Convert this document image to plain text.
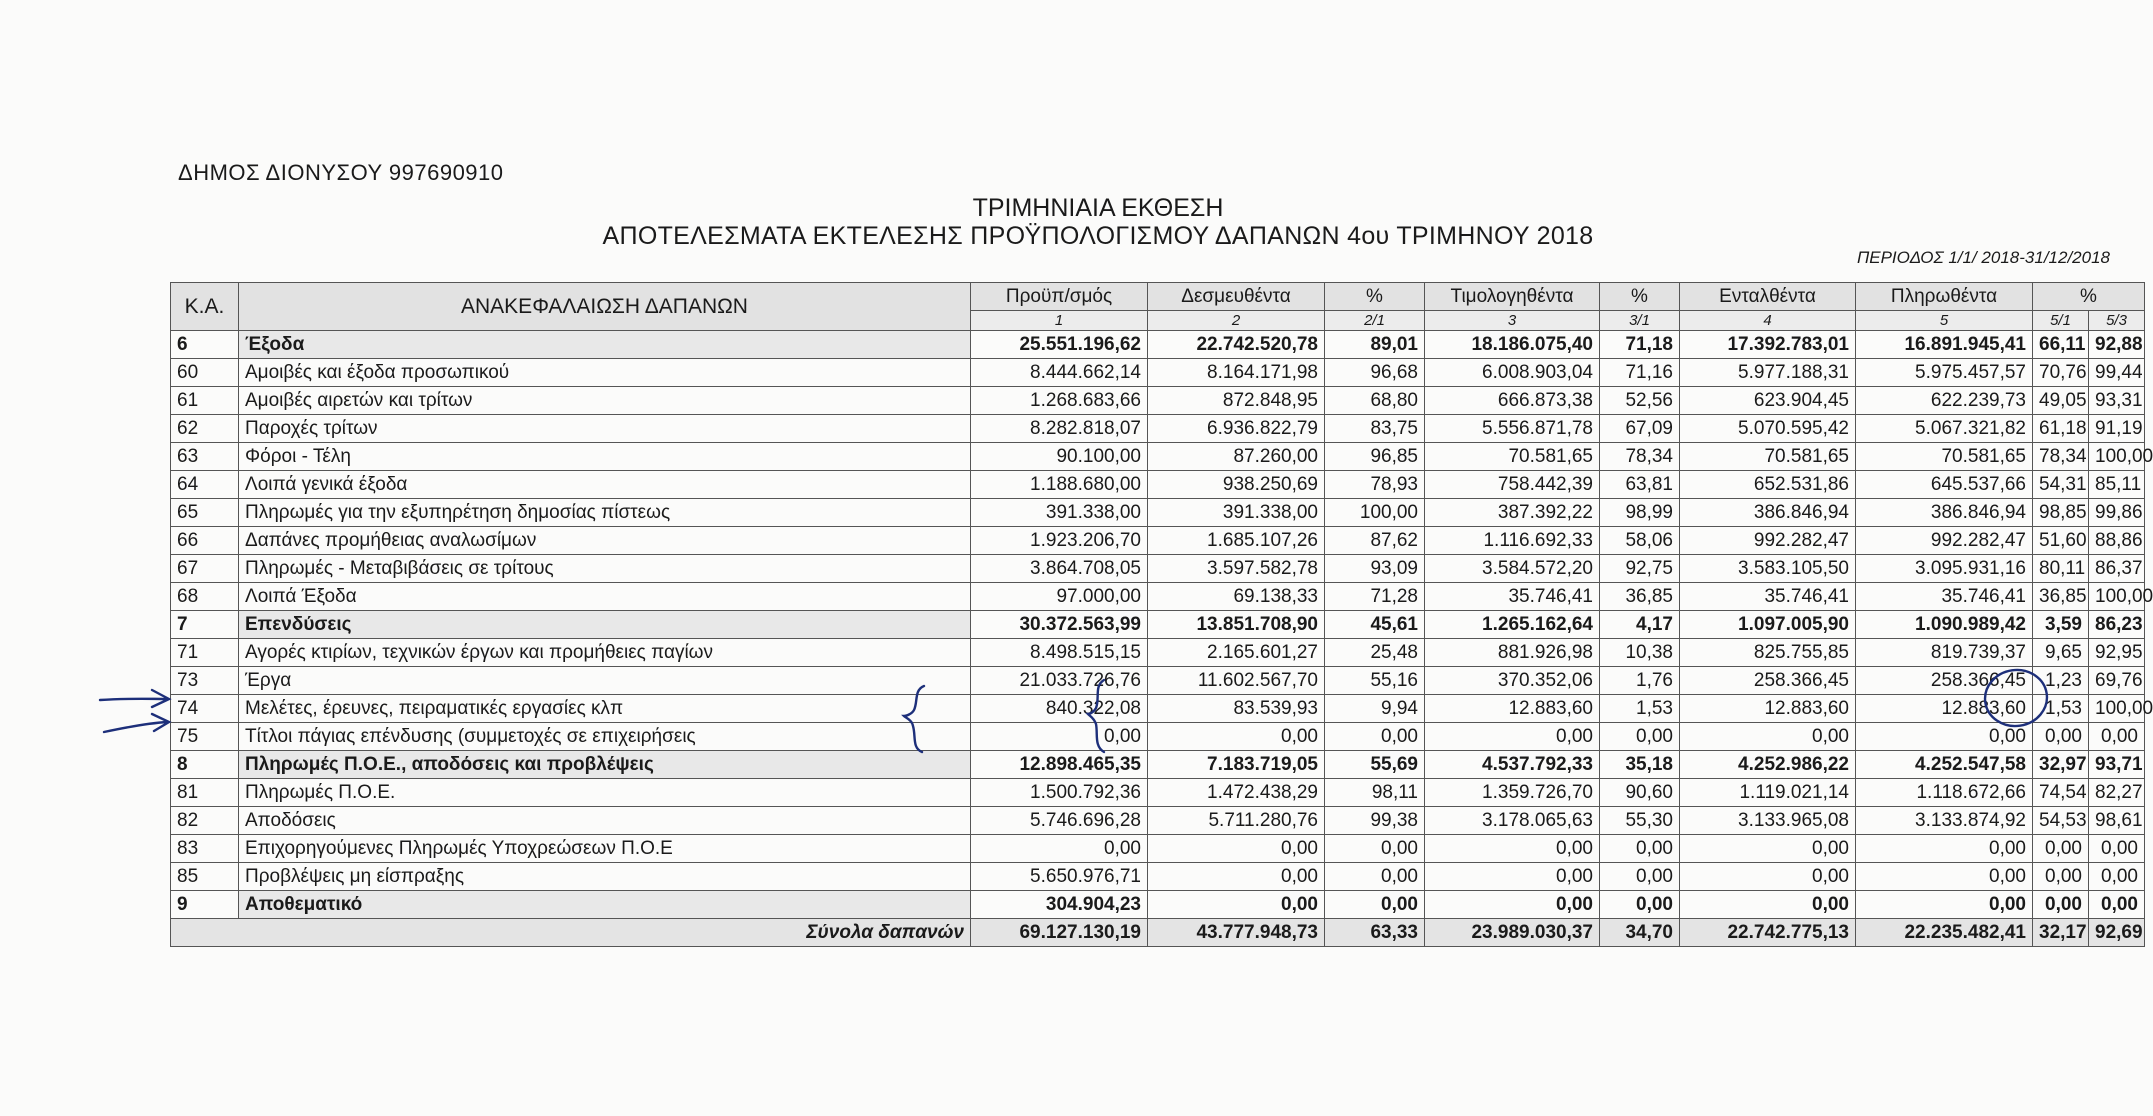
ΔΗΜΟΣ ΔΙΟΝΥΣΟΥ 997690910
ΤΡΙΜΗΝΙΑΙΑ ΕΚΘΕΣΗ
ΑΠΟΤΕΛΕΣΜΑΤΑ ΕΚΤΕΛΕΣΗΣ ΠΡΟΫΠΟΛΟΓΙΣΜΟΥ ΔΑΠΑΝΩΝ 4ου ΤΡΙΜΗΝΟΥ 2018
ΠΕΡΙΟΔΟΣ 1/1/ 2018-31/12/2018
Κ.Α.	ΑΝΑΚΕΦΑΛΑΙΩΣΗ ΔΑΠΑΝΩΝ	Προϋπ/σμός	Δεσμευθέντα	%	Τιμολογηθέντα	%	Ενταλθέντα	Πληρωθέντα	%	
		1	2	2/1	3	3/1	4	5	5/1	5/3
6	Έξοδα	25.551.196,62	22.742.520,78	89,01	18.186.075,40	71,18	17.392.783,01	16.891.945,41	66,11	92,88
60	Αμοιβές και έξοδα προσωπικού	8.444.662,14	8.164.171,98	96,68	6.008.903,04	71,16	5.977.188,31	5.975.457,57	70,76	99,44
61	Αμοιβές αιρετών και τρίτων	1.268.683,66	872.848,95	68,80	666.873,38	52,56	623.904,45	622.239,73	49,05	93,31
62	Παροχές τρίτων	8.282.818,07	6.936.822,79	83,75	5.556.871,78	67,09	5.070.595,42	5.067.321,82	61,18	91,19
63	Φόροι - Τέλη	90.100,00	87.260,00	96,85	70.581,65	78,34	70.581,65	70.581,65	78,34	100,00
64	Λοιπά γενικά έξοδα	1.188.680,00	938.250,69	78,93	758.442,39	63,81	652.531,86	645.537,66	54,31	85,11
65	Πληρωμές για την εξυπηρέτηση δημοσίας πίστεως	391.338,00	391.338,00	100,00	387.392,22	98,99	386.846,94	386.846,94	98,85	99,86
66	Δαπάνες προμήθειας αναλωσίμων	1.923.206,70	1.685.107,26	87,62	1.116.692,33	58,06	992.282,47	992.282,47	51,60	88,86
67	Πληρωμές - Μεταβιβάσεις σε τρίτους	3.864.708,05	3.597.582,78	93,09	3.584.572,20	92,75	3.583.105,50	3.095.931,16	80,11	86,37
68	Λοιπά Έξοδα	97.000,00	69.138,33	71,28	35.746,41	36,85	35.746,41	35.746,41	36,85	100,00
7	Επενδύσεις	30.372.563,99	13.851.708,90	45,61	1.265.162,64	4,17	1.097.005,90	1.090.989,42	3,59	86,23
71	Αγορές κτιρίων, τεχνικών έργων και προμήθειες παγίων	8.498.515,15	2.165.601,27	25,48	881.926,98	10,38	825.755,85	819.739,37	9,65	92,95
73	Έργα	21.033.726,76	11.602.567,70	55,16	370.352,06	1,76	258.366,45	258.366,45	1,23	69,76
74	Μελέτες, έρευνες, πειραματικές εργασίες κλπ	840.322,08	83.539,93	9,94	12.883,60	1,53	12.883,60	12.883,60	1,53	100,00
75	Τίτλοι πάγιας επένδυσης (συμμετοχές σε επιχειρήσεις	0,00	0,00	0,00	0,00	0,00	0,00	0,00	0,00	0,00
8	Πληρωμές Π.Ο.Ε., αποδόσεις και προβλέψεις	12.898.465,35	7.183.719,05	55,69	4.537.792,33	35,18	4.252.986,22	4.252.547,58	32,97	93,71
81	Πληρωμές Π.Ο.Ε.	1.500.792,36	1.472.438,29	98,11	1.359.726,70	90,60	1.119.021,14	1.118.672,66	74,54	82,27
82	Αποδόσεις	5.746.696,28	5.711.280,76	99,38	3.178.065,63	55,30	3.133.965,08	3.133.874,92	54,53	98,61
83	Επιχορηγούμενες Πληρωμές Υποχρεώσεων Π.Ο.Ε	0,00	0,00	0,00	0,00	0,00	0,00	0,00	0,00	0,00
85	Προβλέψεις μη είσπραξης	5.650.976,71	0,00	0,00	0,00	0,00	0,00	0,00	0,00	0,00
9	Αποθεματικό	304.904,23	0,00	0,00	0,00	0,00	0,00	0,00	0,00	0,00
Σύνολα δαπανών		69.127.130,19	43.777.948,73	63,33	23.989.030,37	34,70	22.742.775,13	22.235.482,41	32,17	92,69
